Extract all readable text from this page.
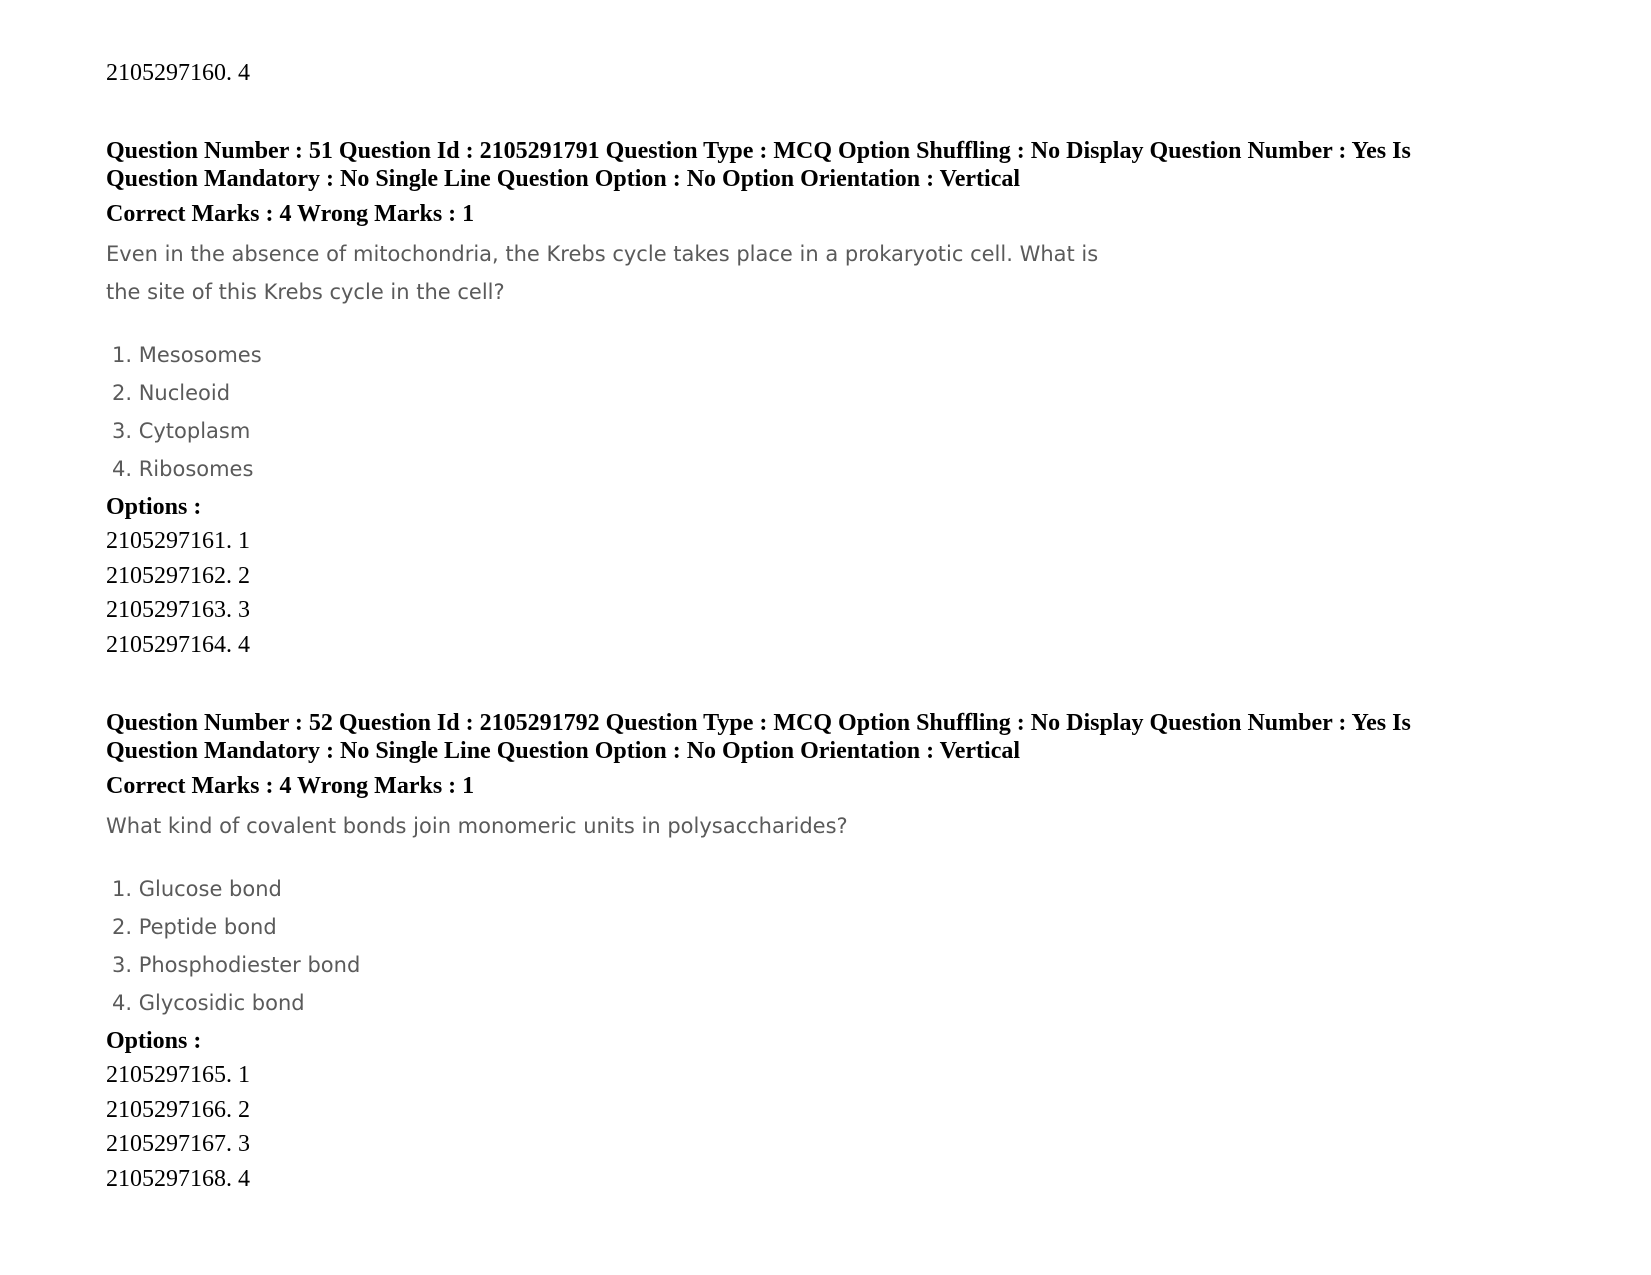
2105297160. 4
Question Number : 51 Question Id : 2105291791 Question Type : MCQ Option Shuffling : No Display Question Number : Yes Is
Question Mandatory : No Single Line Question Option : No Option Orientation : Vertical
Correct Marks : 4 Wrong Marks : 1
Even in the absence of mitochondria, the Krebs cycle takes place in a prokaryotic cell. What is
the site of this Krebs cycle in the cell?
1. Mesosomes
2. Nucleoid
3. Cytoplasm
4. Ribosomes
Options :
2105297161. 1
2105297162. 2
2105297163. 3
2105297164. 4
Question Number : 52 Question Id : 2105291792 Question Type : MCQ Option Shuffling : No Display Question Number : Yes Is
Question Mandatory : No Single Line Question Option : No Option Orientation : Vertical
Correct Marks : 4 Wrong Marks : 1
What kind of covalent bonds join monomeric units in polysaccharides?
1. Glucose bond
2. Peptide bond
3. Phosphodiester bond
4. Glycosidic bond
Options :
2105297165. 1
2105297166. 2
2105297167. 3
2105297168. 4
